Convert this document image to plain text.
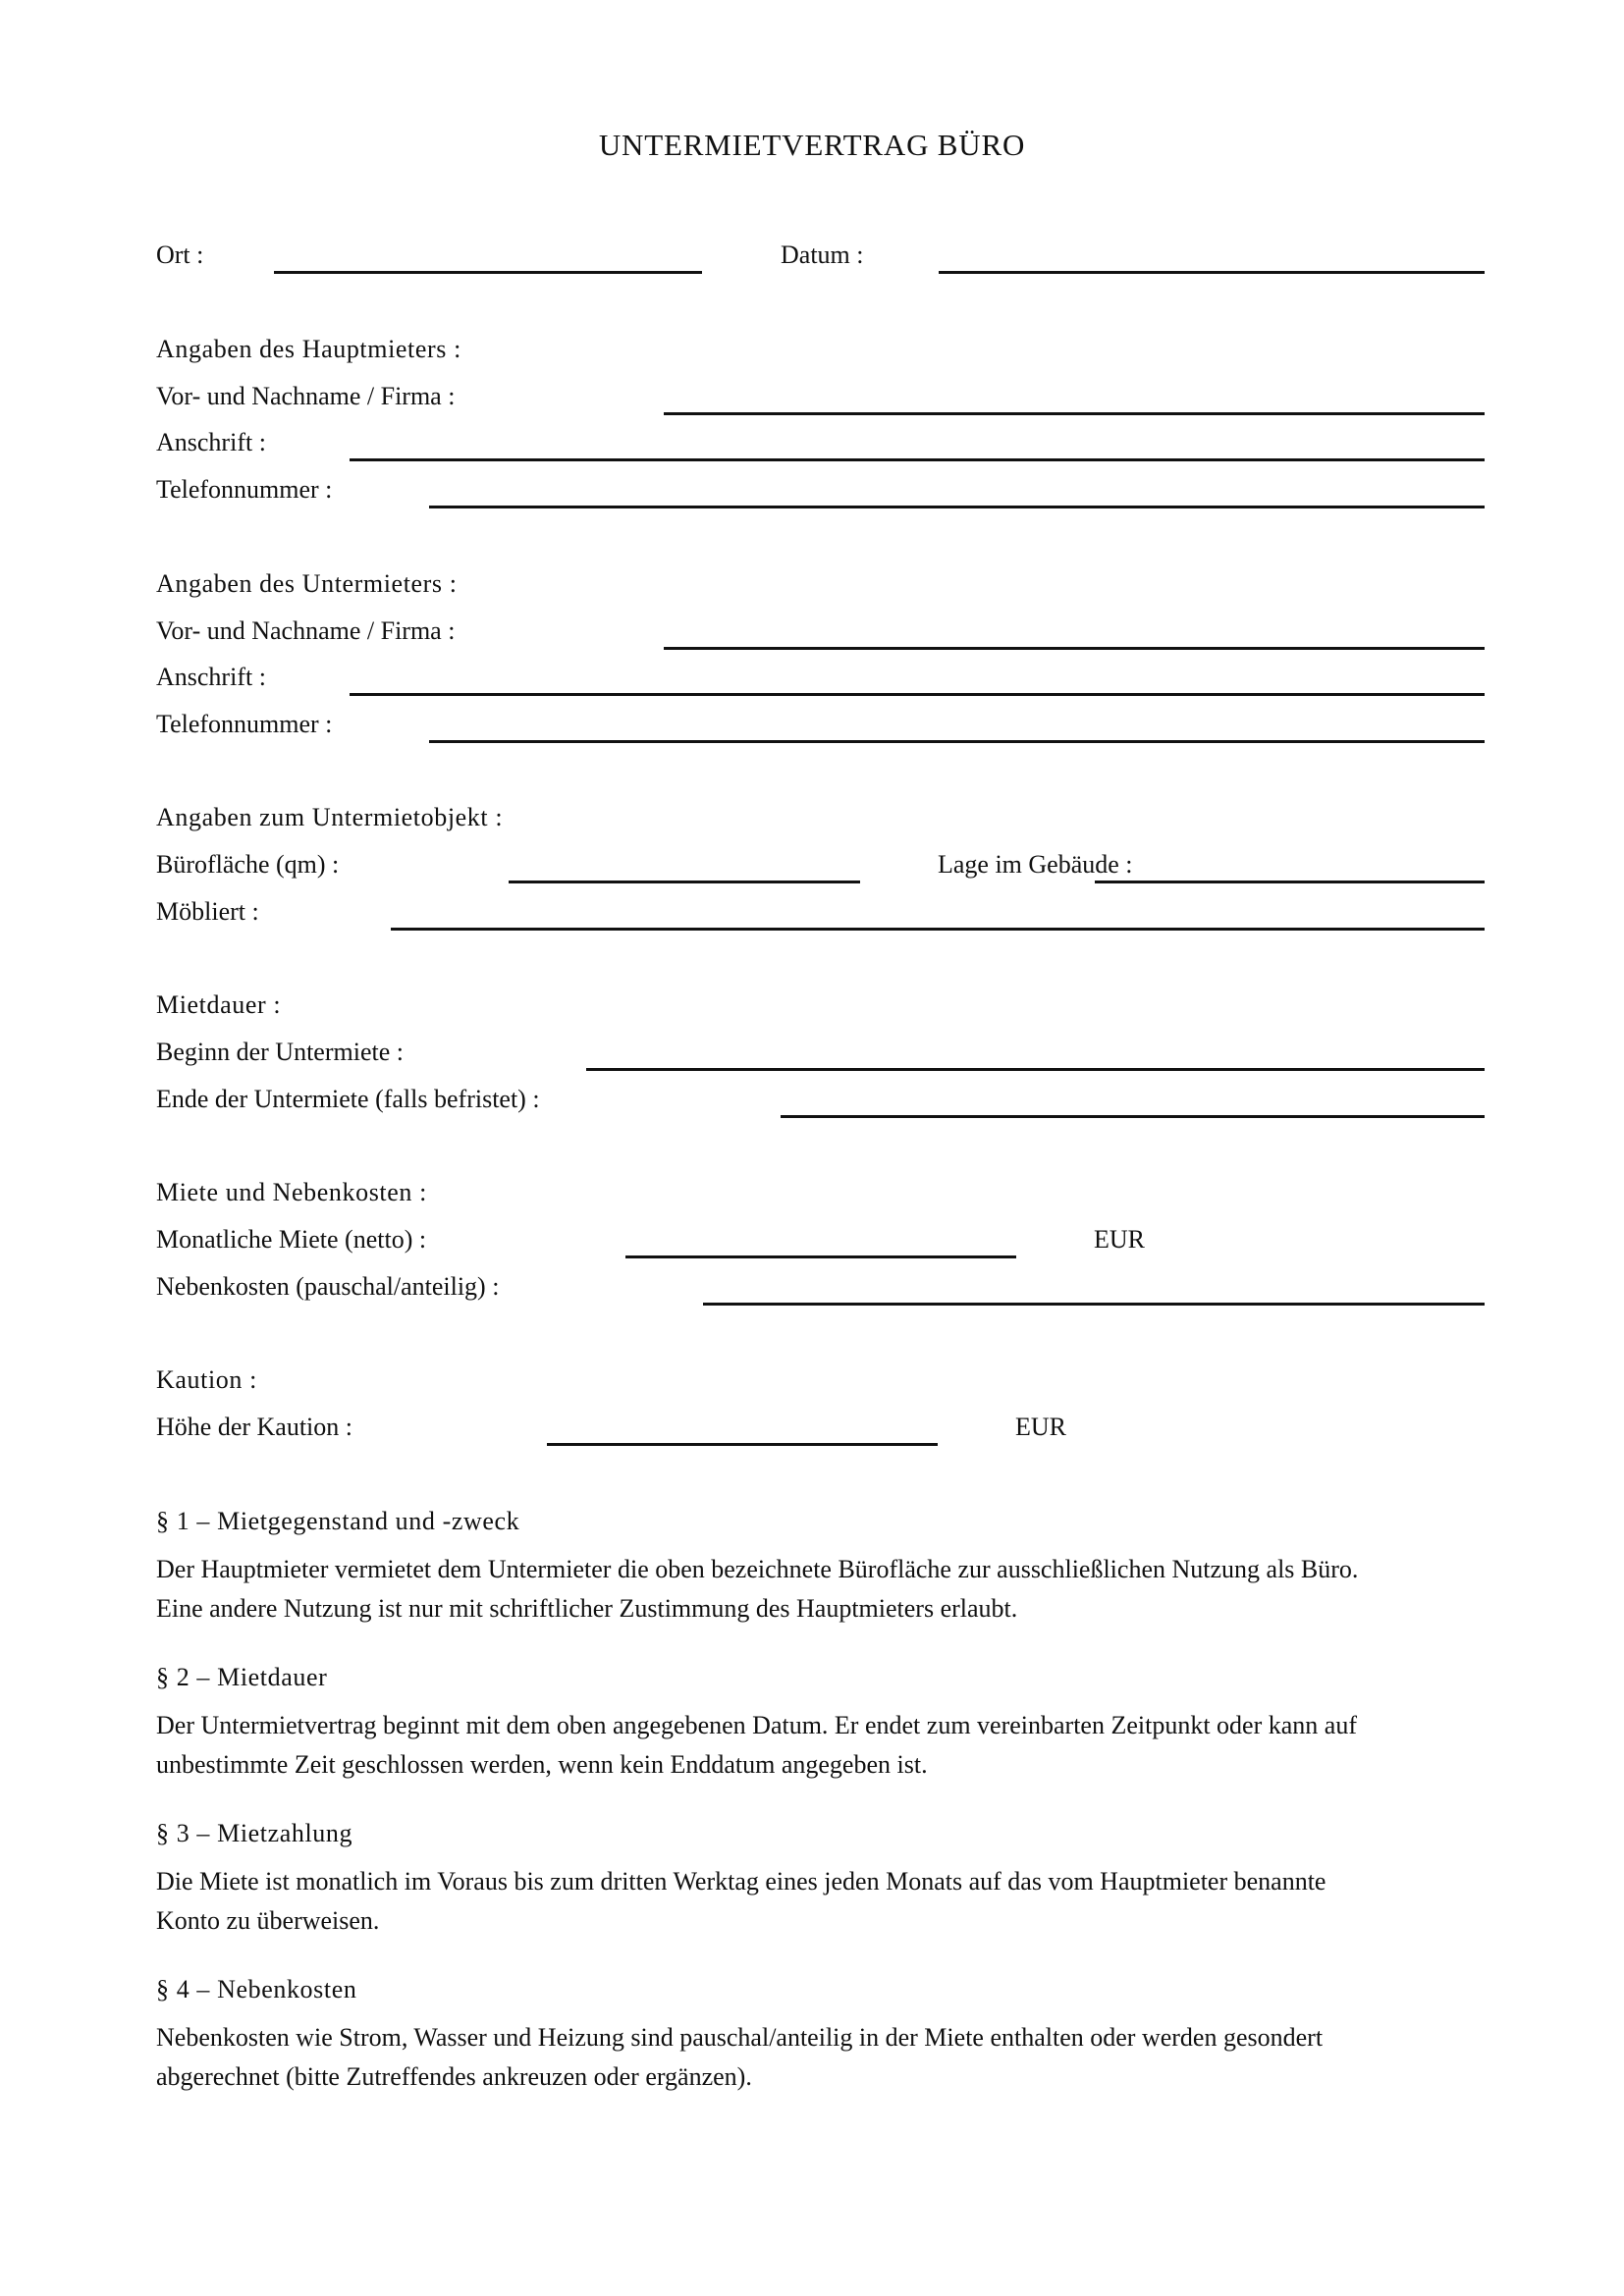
UNTERMIETVERTRAG BÜRO
Ort :	Datum :
Angaben des Hauptmieters :
Vor- und Nachname / Firma :
Anschrift :
Telefonnummer :
Angaben des Untermieters :
Vor- und Nachname / Firma :
Anschrift :
Telefonnummer :
Angaben zum Untermietobjekt :
Bürofläche (qm) :	Lage im Gebäude :
Möbliert :
Mietdauer :
Beginn der Untermiete :
Ende der Untermiete (falls befristet) :
Miete und Nebenkosten :
Monatliche Miete (netto) :	EUR
Nebenkosten (pauschal/anteilig) :
Kaution :
Höhe der Kaution :	EUR
§ 1 – Mietgegenstand und -zweck
Der Hauptmieter vermietet dem Untermieter die oben bezeichnete Bürofläche zur ausschließlichen Nutzung als Büro.
Eine andere Nutzung ist nur mit schriftlicher Zustimmung des Hauptmieters erlaubt.
§ 2 – Mietdauer
Der Untermietvertrag beginnt mit dem oben angegebenen Datum. Er endet zum vereinbarten Zeitpunkt oder kann auf
unbestimmte Zeit geschlossen werden, wenn kein Enddatum angegeben ist.
§ 3 – Mietzahlung
Die Miete ist monatlich im Voraus bis zum dritten Werktag eines jeden Monats auf das vom Hauptmieter benannte
Konto zu überweisen.
§ 4 – Nebenkosten
Nebenkosten wie Strom, Wasser und Heizung sind pauschal/anteilig in der Miete enthalten oder werden gesondert
abgerechnet (bitte Zutreffendes ankreuzen oder ergänzen).
